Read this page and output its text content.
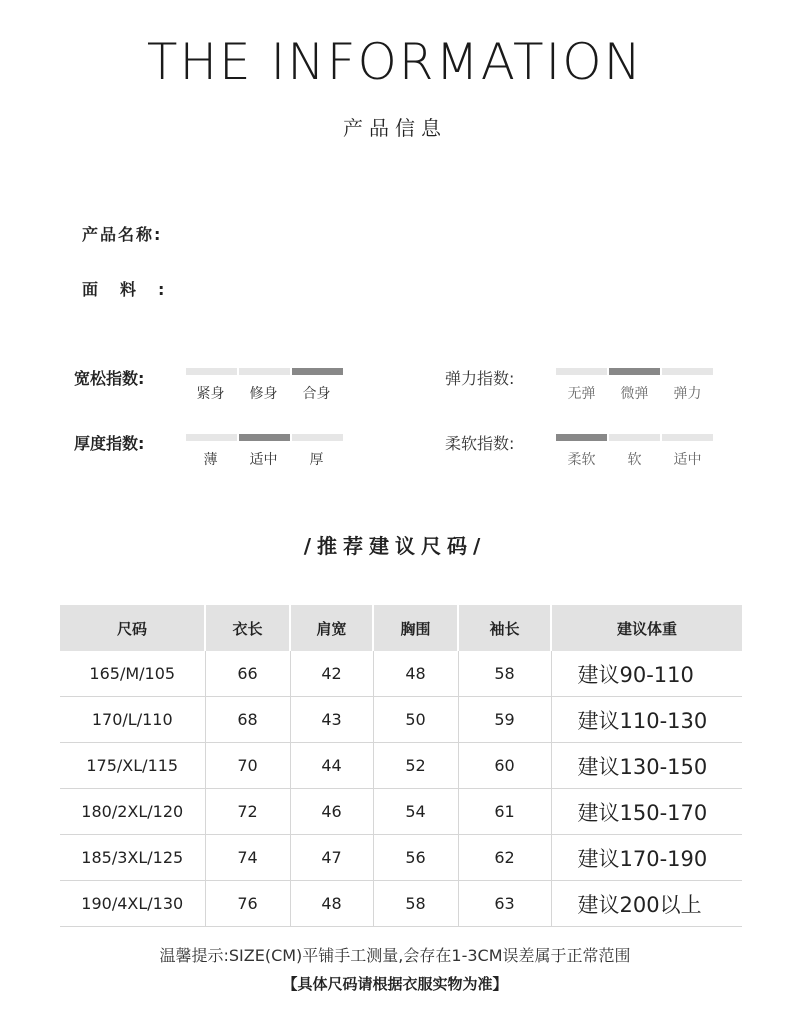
THE INFORMATION
产品信息
产品名称:
面料:
宽松指数:
紧身	修身	合身
弹力指数:
无弹	微弹	弹力
厚度指数:
薄	适中	厚
柔软指数:
柔软	软	适中
/推荐建议尺码/
尺码	衣长	肩宽	胸围	袖长	建议体重
165/M/105	66	42	48	58	建议90-110
170/L/110	68	43	50	59	建议110-130
175/XL/115	70	44	52	60	建议130-150
180/2XL/120	72	46	54	61	建议150-170
185/3XL/125	74	47	56	62	建议170-190
190/4XL/130	76	48	58	63	建议200以上
温馨提示:SIZE(CM)平铺手工测量,会存在1-3CM误差属于正常范围
【具体尺码请根据衣服实物为准】
